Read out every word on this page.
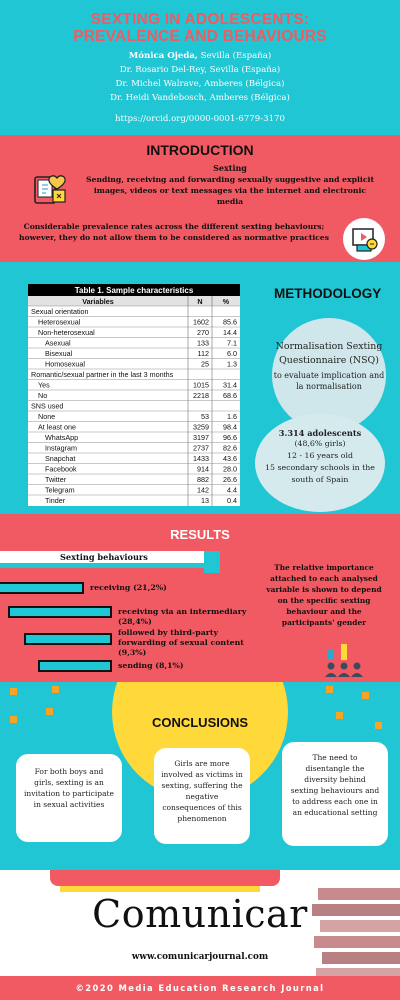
SEXTING IN ADOLESCENTS:
PREVALENCE AND BEHAVIOURS
Mónica Ojeda, Sevilla (España)
Dr. Rosario Del-Rey, Sevilla (España)
Dr. Michel Walrave, Amberes (Bélgica)
Dr. Heidi Vandebosch, Amberes (Bélgica)
https://orcid.org/0000-0001-6779-3170
INTRODUCTION
Sexting
Sending, receiving and forwarding sexually suggestive and explicit images, videos or text messages via the internet and electronic media
Considerable prevalence rates across the different sexting behaviours; however, they do not allow them to be considered as normative practices
Table 1. Sample characteristics
Variables	N	%
Sexual orientation
Heterosexual	1602 85.6
Non-heterosexual	270 14.4
Asexual	133	7.1
Bisexual	112	6.0
Homosexual	25	1.3
Romantic/sexual partner in the last 3 months
Yes	1015 31.4
No	2218 68.6
SNS used
None	53	1.6
At least one	3259 98.4
WhatsApp	3197 96.6
Instagram	2737 82.6
Snapchat	1433 43.6
Facebook	914 28.0
Twitter	882 26.6
Telegram	142	4.4
Tinder	13	0.4
METHODOLOGY
Normalisation Sexting Questionnaire (NSQ)
to evaluate implication and la normalisation
3.314 adolescents
(48,6% girls)
12 - 16 years old
15 secondary schools in the south of Spain
RESULTS
Sexting behaviours
receiving (21,2%)
receiving via an intermediary (28,4%)
followed by third-party forwarding of sexual content (9,3%)
sending (8,1%)
The relative importance attached to each analysed variable is shown to depend on the specific sexting behaviour and the participants' gender
CONCLUSIONS
For both boys and girls, sexting is an invitation to participate in sexual activities
Girls are more involved as victims in sexting, suffering the negative consequences of this phenomenon
The need to disentangle the diversity behind sexting behaviours and to address each one in an educational setting
Comunicar
www.comunicarjournal.com
©2020 Media Education Research Journal
